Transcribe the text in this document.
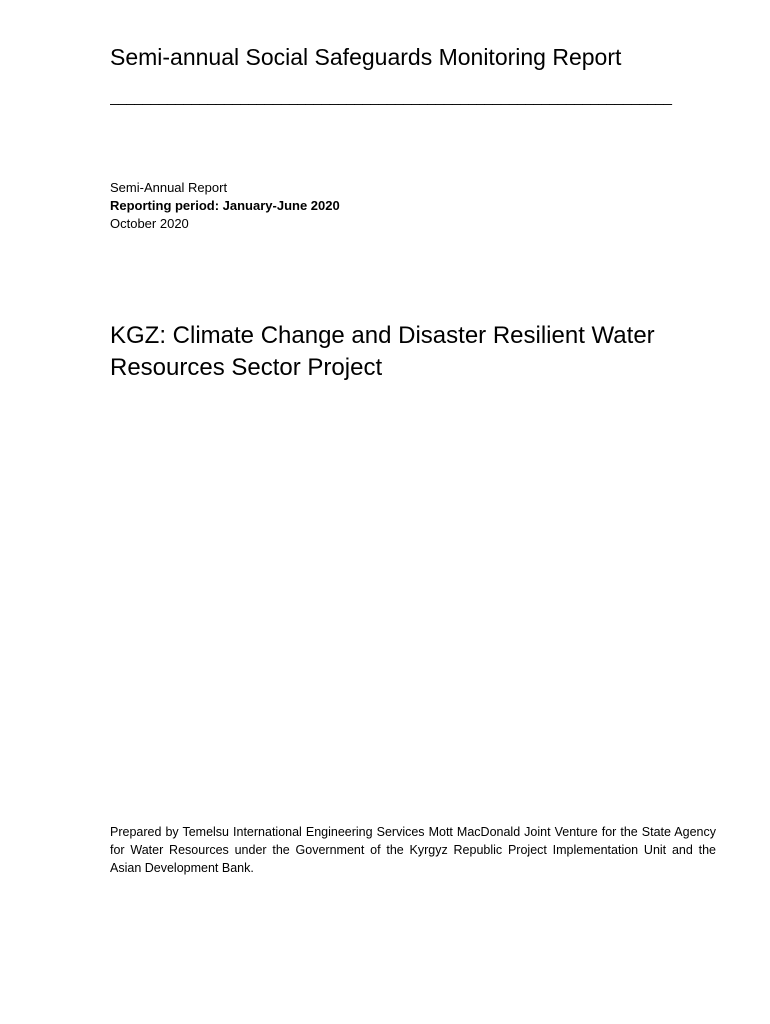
Semi-annual Social Safeguards Monitoring Report
_____________________________________________________________________
Semi-Annual Report
Reporting period: January-June 2020
October 2020
KGZ: Climate Change and Disaster Resilient Water Resources Sector Project
Prepared by Temelsu International Engineering Services Mott MacDonald Joint Venture for the State Agency for Water Resources under the Government of the Kyrgyz Republic Project Implementation Unit and the Asian Development Bank.
